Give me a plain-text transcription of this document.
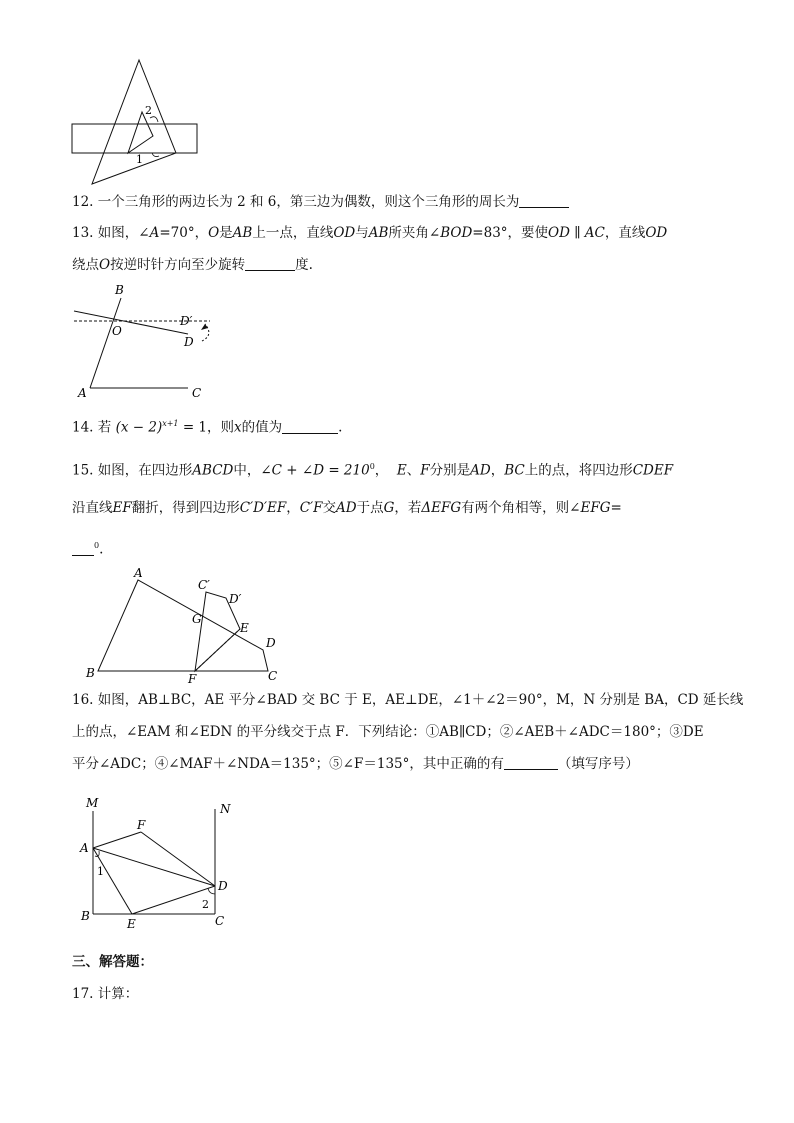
2
1
12. 一个三角形的两边长为 2 和 6，第三边为偶数，则这个三角形的周长为
13. 如图，∠A=70°，O是AB上一点，直线OD与AB所夹角∠BOD=83°，要使OD ∥ AC，直线OD
绕点O按逆时针方向至少旋转	度.
B
O
D′
D
A	C
14. 若 $(x - 2)^{x+1} = 1$，则x的值为	.
15. 如图，在四边形ABCD中，∠C + ∠D = $210^0$， E、F分别是AD，BC上的点，将四边形CDEF
沿直线EF翻折，得到四边形C′D′EF，C′F交AD于点G，若ΔEFG有两个角相等，则∠EFG=
$^0$.
A
C′
D′
G
E
D
B	F	C
16. 如图，AB⊥BC，AE 平分∠BAD 交 BC 于 E，AE⊥DE，∠1＋∠2＝90°，M，N 分别是 BA，CD 延长线
上的点，∠EAM 和∠EDN 的平分线交于点 F．下列结论：①AB∥CD；②∠AEB＋∠ADC＝180°；③DE
平分∠ADC；④∠MAF＋∠NDA＝135°；⑤∠F＝135°，其中正确的有	（填写序号）
M	N
F
A
1
D
2
B
E	C
三、解答题：
17. 计算：
